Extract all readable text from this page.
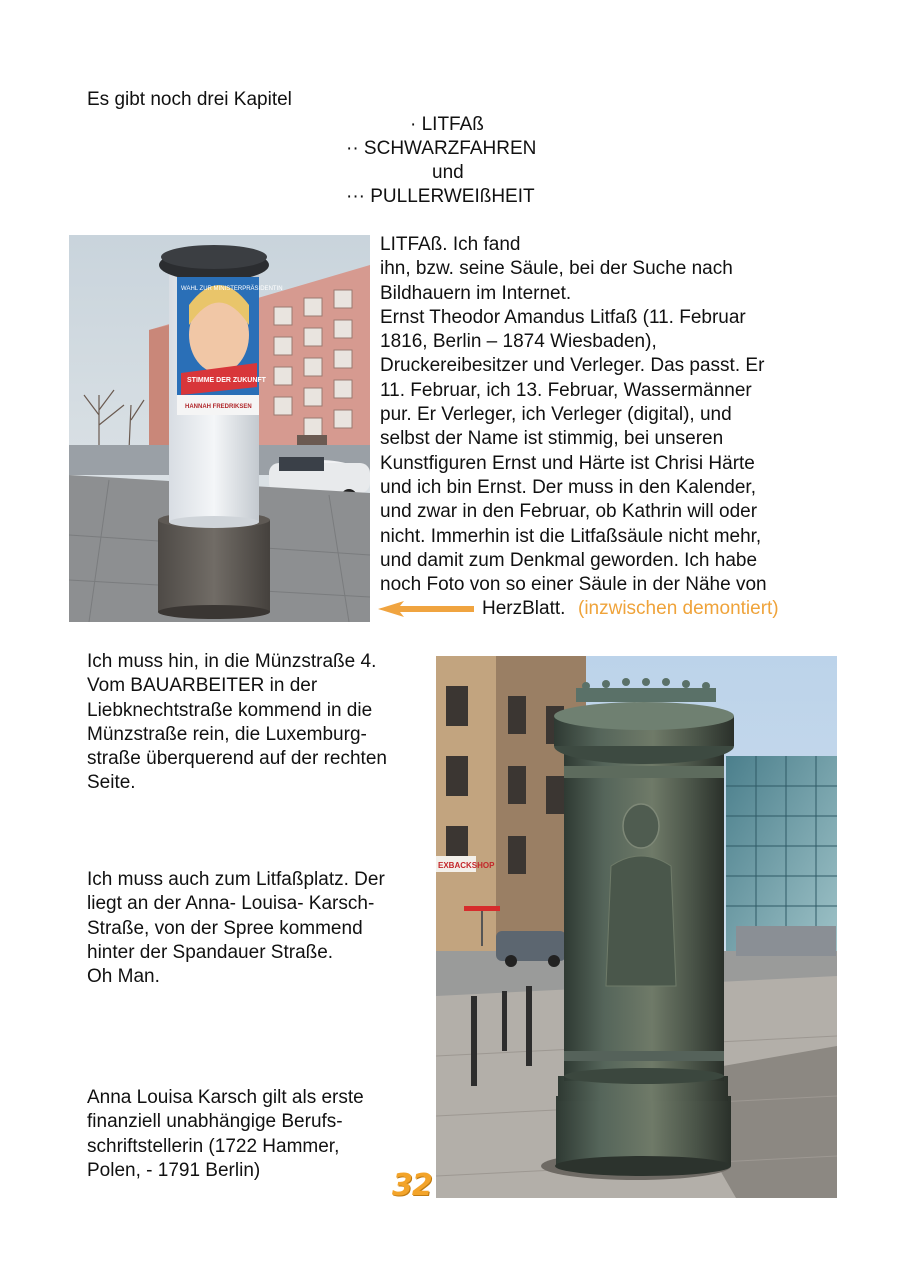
Es gibt noch drei Kapitel
· LITFAß
·· SCHWARZFAHREN
und
··· PULLERWEIßHEIT
WAHL ZUR MINISTERPRÄSIDENTIN
STIMME DER ZUKUNFT
HANNAH FREDRIKSEN
LITFAß. Ich fand
ihn, bzw. seine Säule, bei der Suche nach
Bildhauern im Internet.
Ernst Theodor Amandus Litfaß (11. Februar
1816, Berlin – 1874 Wiesbaden),
Druckereibesitzer und Verleger. Das passt. Er
11. Februar, ich 13. Februar, Wassermänner
pur. Er Verleger, ich Verleger (digital), und
selbst der Name ist stimmig, bei unseren
Kunstfiguren Ernst und Härte ist Chrisi Härte
und ich bin Ernst. Der muss in den Kalender,
und zwar in den Februar, ob Kathrin will oder
nicht. Immerhin ist die Litfaßsäule nicht mehr,
und damit zum Denkmal geworden. Ich habe
noch Foto von so einer Säule in der Nähe von
HerzBlatt. (inzwischen demontiert)
Ich muss hin, in die Münzstraße 4.
Vom BAUARBEITER in der
Liebknechtstraße kommend in die
Münzstraße rein, die Luxemburg-
straße überquerend auf der rechten
Seite.
Ich muss auch zum Litfaßplatz. Der
liegt an der Anna- Louisa- Karsch-
Straße, von der Spree kommend
hinter der Spandauer Straße.
Oh Man.
Anna Louisa Karsch gilt als erste
finanziell unabhängige Berufs-
schriftstellerin (1722 Hammer,
Polen, - 1791 Berlin)	32
EXBACKSHOP
